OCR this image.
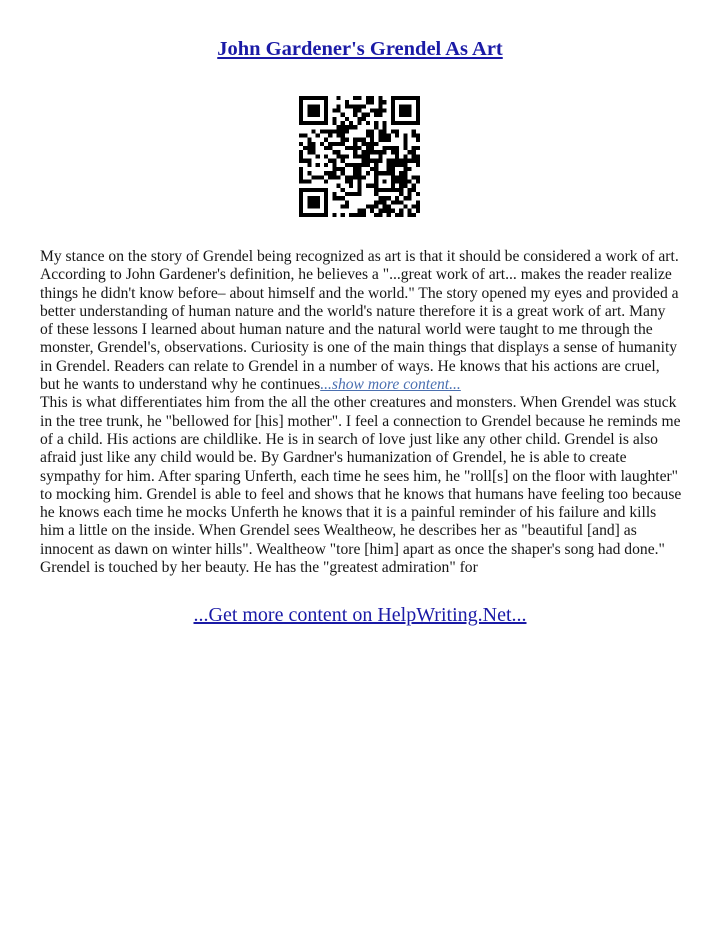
John Gardener's Grendel As Art

My stance on the story of Grendel being recognized as art is that it should be considered a work of art. According to John Gardener's definition, he believes a "...great work of art... makes the reader realize things he didn't know before– about himself and the world." The story opened my eyes and provided a better understanding of human nature and the world's nature therefore it is a great work of art. Many of these lessons I learned about human nature and the natural world were taught to me through the monster, Grendel's, observations. Curiosity is one of the main things that displays a sense of humanity in Grendel. Readers can relate to Grendel in a number of ways. He knows that his actions are cruel, but he wants to understand why he continues...show more content...

This is what differentiates him from the all the other creatures and monsters. When Grendel was stuck in the tree trunk, he "bellowed for [his] mother". I feel a connection to Grendel because he reminds me of a child. His actions are childlike. He is in search of love just like any other child. Grendel is also afraid just like any child would be. By Gardner's humanization of Grendel, he is able to create sympathy for him. After sparing Unferth, each time he sees him, he "roll[s] on the floor with laughter" to mocking him. Grendel is able to feel and shows that he knows that humans have feeling too because he knows each time he mocks Unferth he knows that it is a painful reminder of his failure and kills him a little on the inside. When Grendel sees Wealtheow, he describes her as "beautiful [and] as innocent as dawn on winter hills". Wealtheow "tore [him] apart as once the shaper's song had done." Grendel is touched by her beauty. He has the "greatest admiration" for

...Get more content on HelpWriting.Net...
